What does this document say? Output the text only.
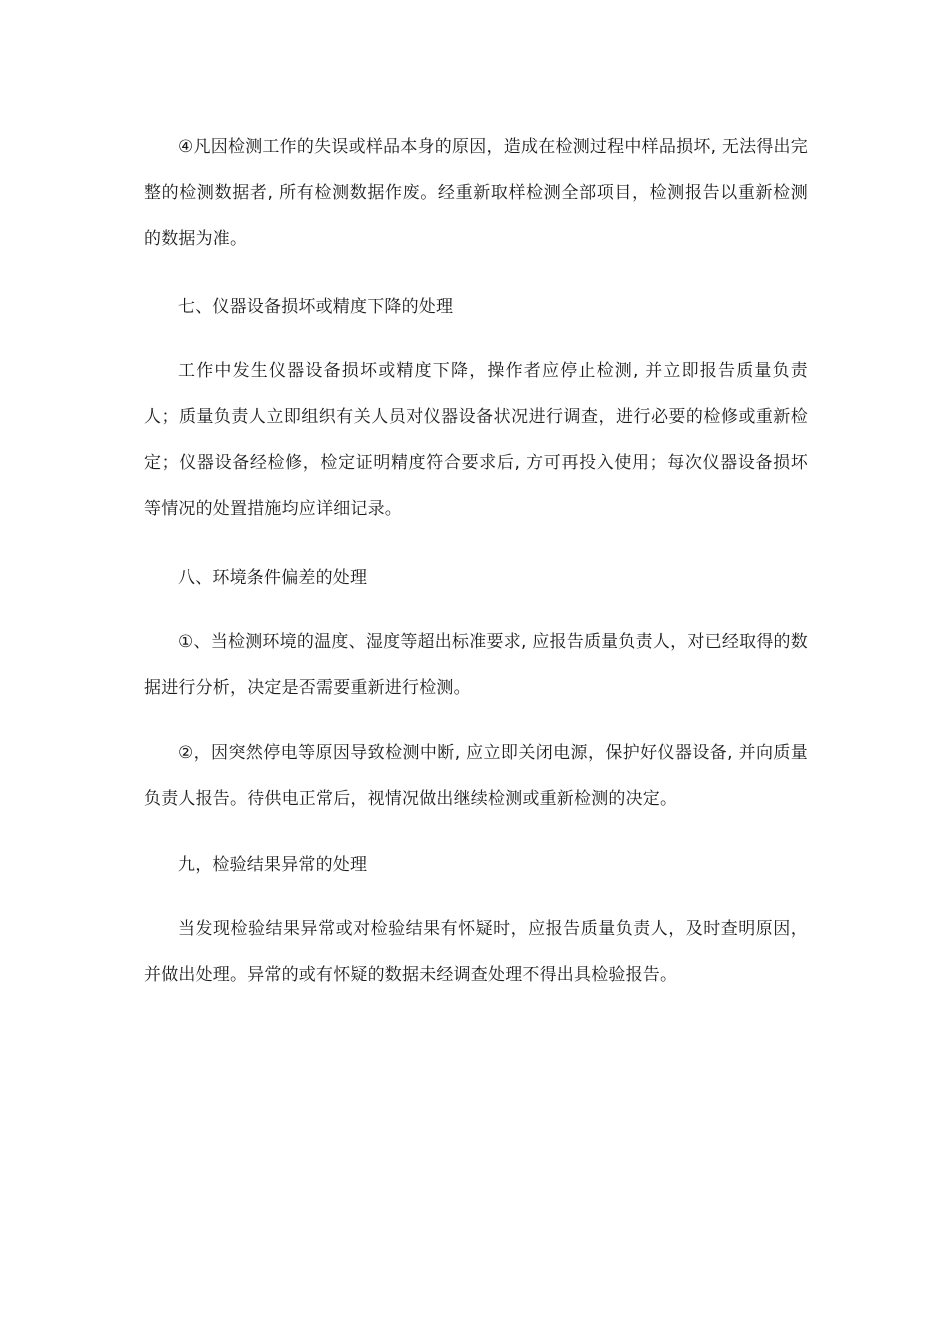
④凡因检测工作的失误或样品本身的原因，造成在检测过程中样品损坏, 无法得出完整的检测数据者, 所有检测数据作废。经重新取样检测全部项目，检测报告以重新检测的数据为准。

七、仪器设备损坏或精度下降的处理

工作中发生仪器设备损坏或精度下降，操作者应停止检测, 并立即报告质量负责人；质量负责人立即组织有关人员对仪器设备状况进行调查，进行必要的检修或重新检定；仪器设备经检修，检定证明精度符合要求后, 方可再投入使用；每次仪器设备损坏等情况的处置措施均应详细记录。

八、环境条件偏差的处理

①、当检测环境的温度、湿度等超出标准要求, 应报告质量负责人，对已经取得的数据进行分析，决定是否需要重新进行检测。

②，因突然停电等原因导致检测中断, 应立即关闭电源，保护好仪器设备, 并向质量负责人报告。待供电正常后，视情况做出继续检测或重新检测的决定。

九，检验结果异常的处理

当发现检验结果异常或对检验结果有怀疑时，应报告质量负责人，及时查明原因，并做出处理。异常的或有怀疑的数据未经调查处理不得出具检验报告。
